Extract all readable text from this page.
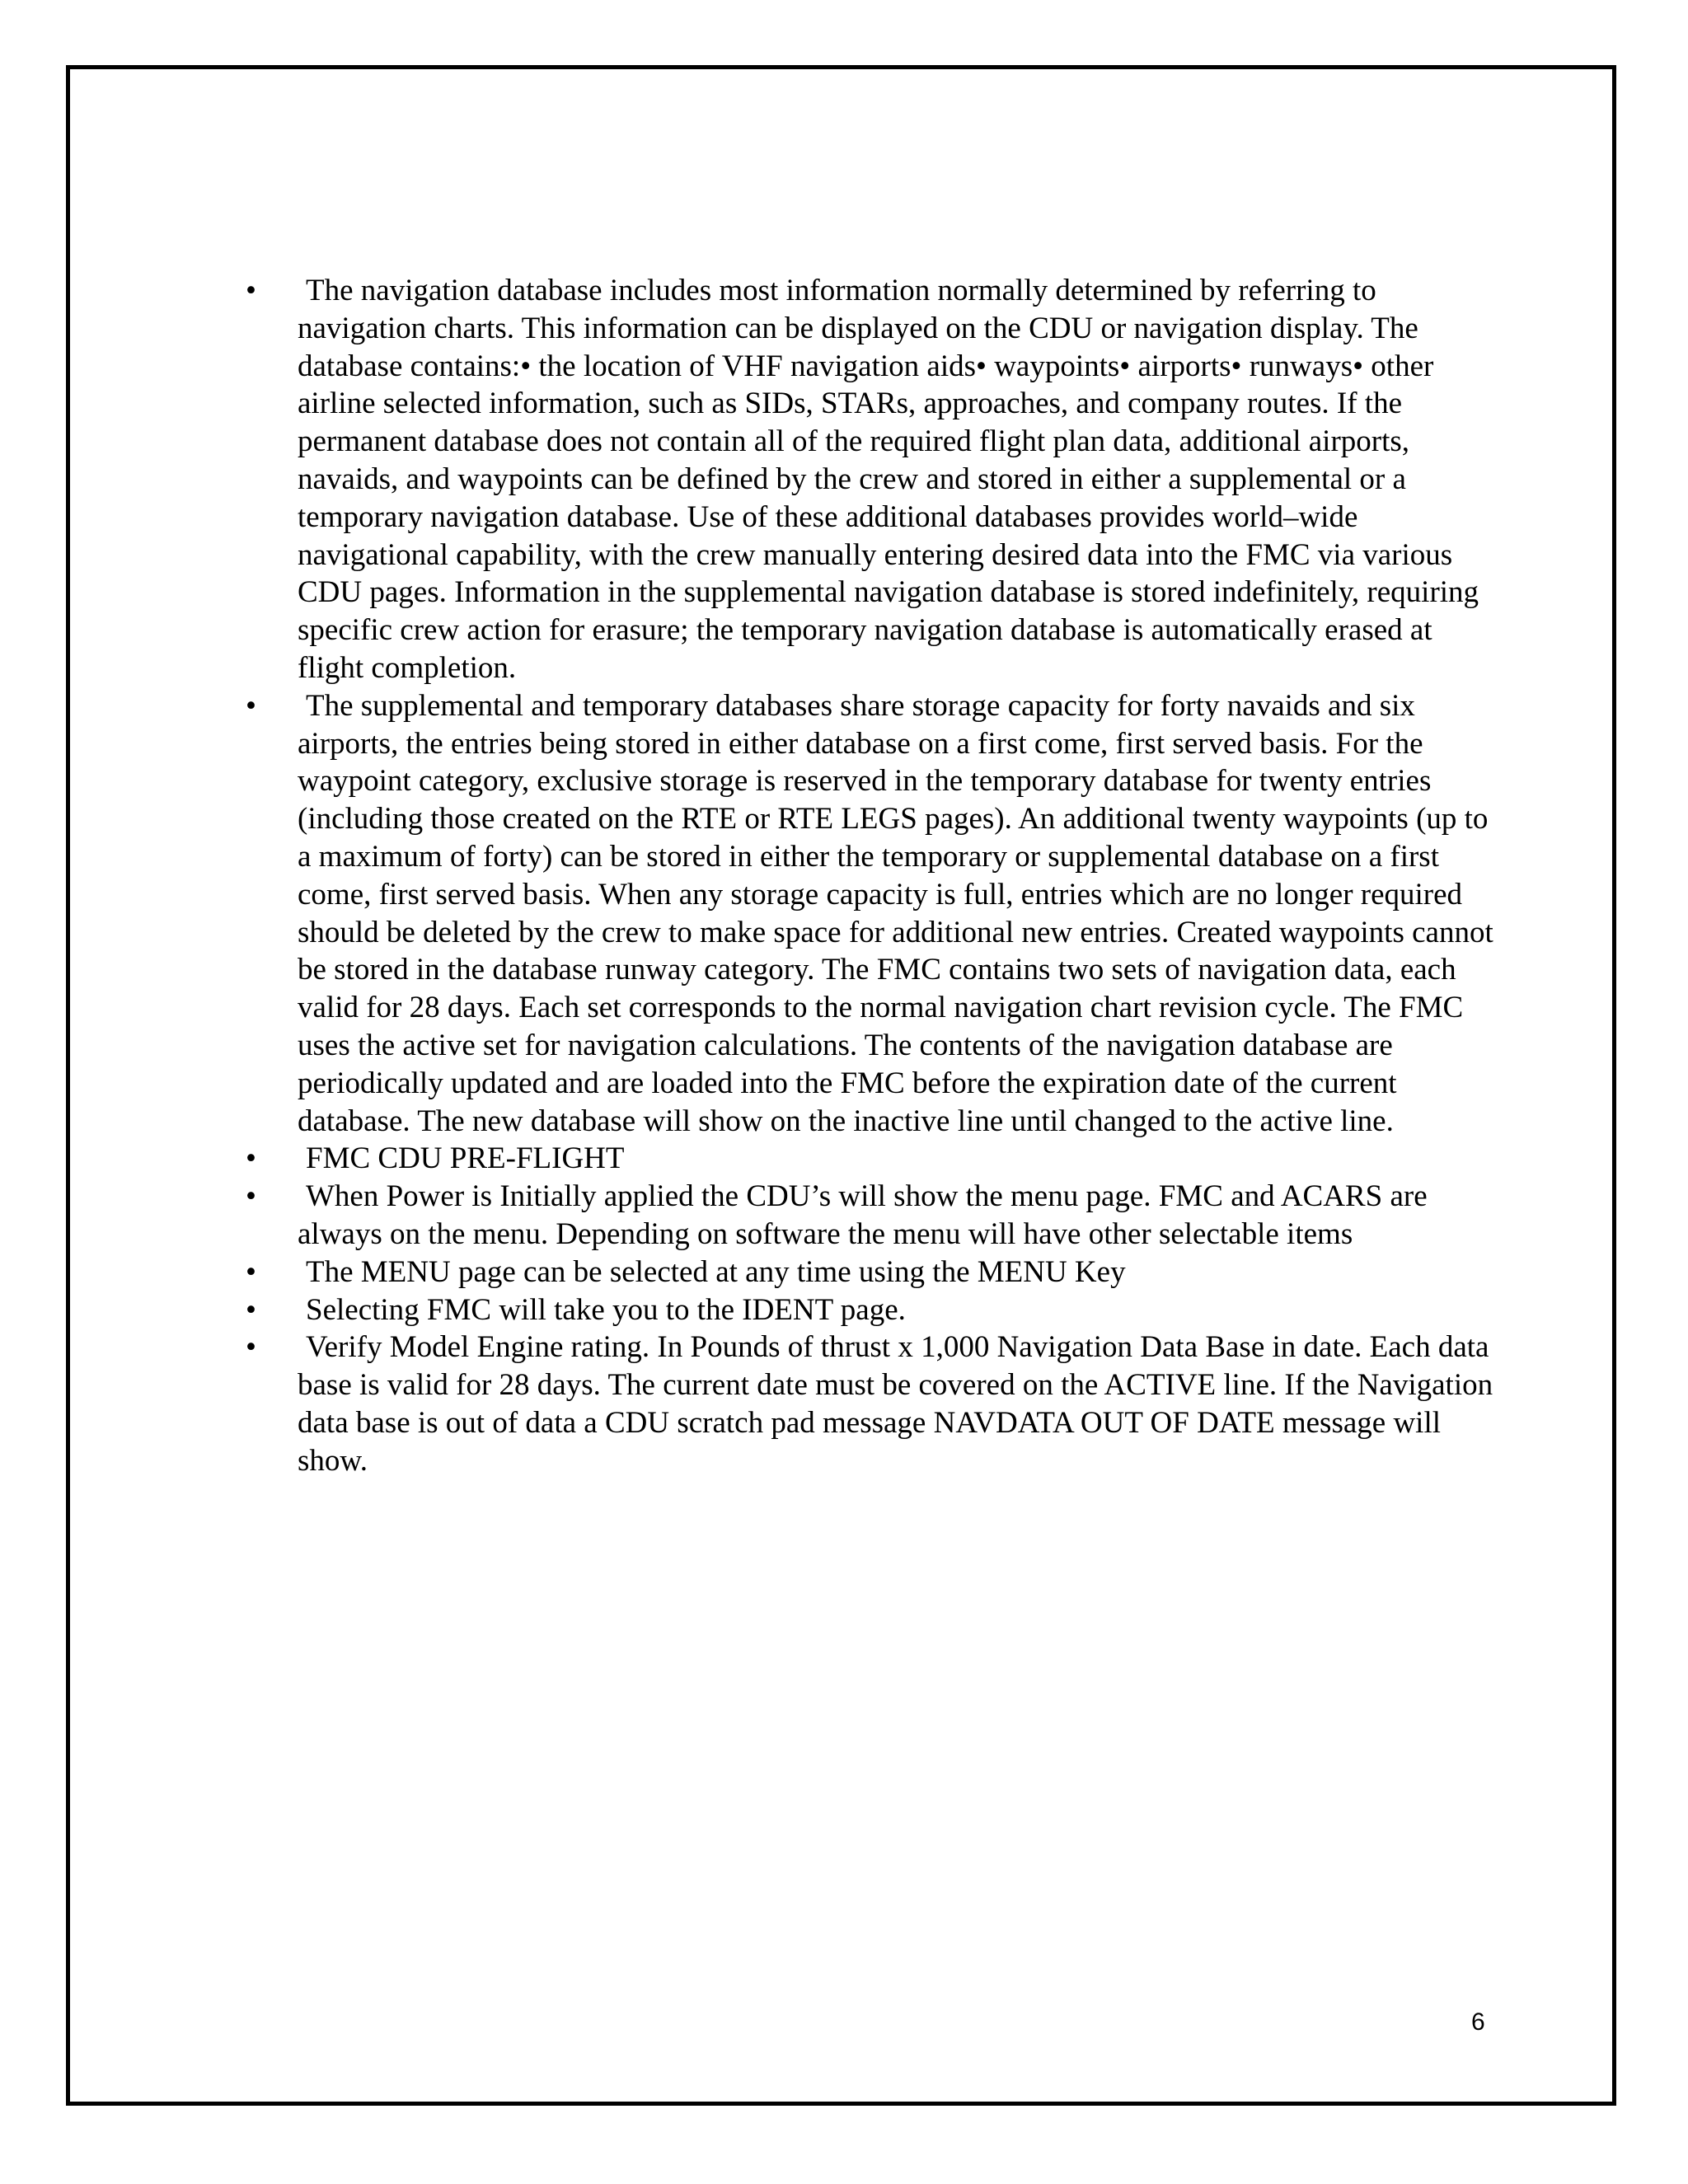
•	The navigation database includes most information normally determined by referring to navigation charts. This information can be displayed on the CDU or navigation display. The database contains:• the location of VHF navigation aids• waypoints• airports• runways• other airline selected information, such as SIDs, STARs, approaches, and company routes. If the permanent database does not contain all of the required flight plan data, additional airports, navaids, and waypoints can be defined by the crew and stored in either a supplemental or a temporary navigation database. Use of these additional databases provides world–wide navigational capability, with the crew manually entering desired data into the FMC via various CDU pages. Information in the supplemental navigation database is stored indefinitely, requiring specific crew action for erasure; the temporary navigation database is automatically erased at flight completion.
•	The supplemental and temporary databases share storage capacity for forty navaids and six airports, the entries being stored in either database on a first come, first served basis. For the waypoint category, exclusive storage is reserved in the temporary database for twenty entries (including those created on the RTE or RTE LEGS pages). An additional twenty waypoints (up to a maximum of forty) can be stored in either the temporary or supplemental database on a first come, first served basis. When any storage capacity is full, entries which are no longer required should be deleted by the crew to make space for additional new entries. Created waypoints cannot be stored in the database runway category. The FMC contains two sets of navigation data, each valid for 28 days. Each set corresponds to the normal navigation chart revision cycle. The FMC uses the active set for navigation calculations. The contents of the navigation database are periodically updated and are loaded into the FMC before the expiration date of the current database. The new database will show on the inactive line until changed to the active line.
•	FMC CDU PRE-FLIGHT
•	When Power is Initially applied the CDU’s will show the menu page. FMC and ACARS are always on the menu. Depending on software the menu will have other selectable items
•	The MENU page can be selected at any time using the MENU Key
•	Selecting FMC will take you to the IDENT page.
•	Verify Model Engine rating. In Pounds of thrust x 1,000 Navigation Data Base in date. Each data base is valid for 28 days. The current date must be covered on the ACTIVE line. If the Navigation data base is out of data a CDU scratch pad message NAVDATA OUT OF DATE message will show.
6
